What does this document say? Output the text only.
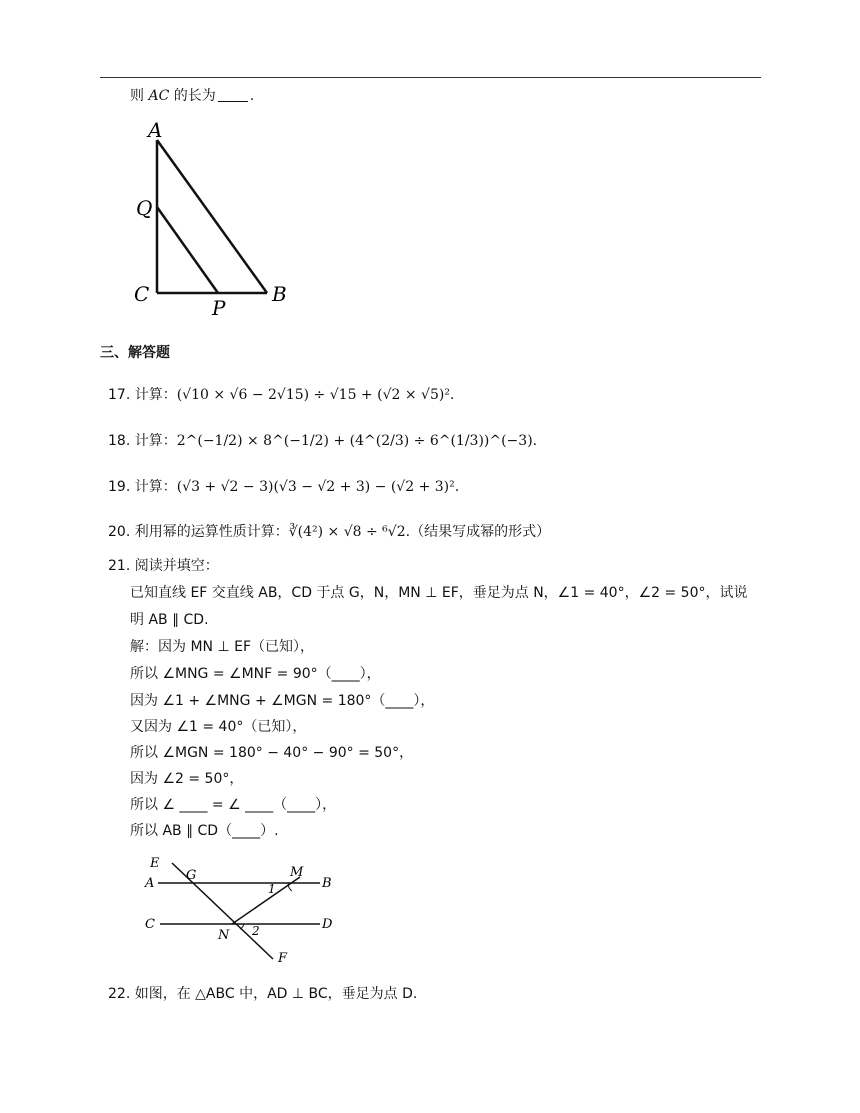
则 AC 的长为 .
A
Q
C
P
B
三、解答题
17. 计算：(√10 × √6 − 2√15) ÷ √15 + (√2 × √5)².
18. 计算：2^(−1/2) × 8^(−1/2) + (4^(2/3) ÷ 6^(1/3))^(−3).
19. 计算：(√3 + √2 − 3)(√3 − √2 + 3) − (√2 + 3)².
20. 利用幂的运算性质计算：∛(4²) × √8 ÷ ⁶√2.（结果写成幂的形式）
21. 阅读并填空：
已知直线 EF 交直线 AB，CD 于点 G，N，MN ⊥ EF，垂足为点 N，∠1 = 40°，∠2 = 50°，试说
明 AB ∥ CD.
解：因为 MN ⊥ EF（已知），
所以 ∠MNG = ∠MNF = 90°（____），
因为 ∠1 + ∠MNG + ∠MGN = 180°（____），
又因为 ∠1 = 40°（已知），
所以 ∠MGN = 180° − 40° − 90° = 50°，
因为 ∠2 = 50°，
所以 ∠ ____ = ∠ ____（____），
所以 AB ∥ CD（____）.
E
A
G	M
B
1
C
N 2	D
F
22. 如图，在 △ABC 中，AD ⊥ BC，垂足为点 D.
